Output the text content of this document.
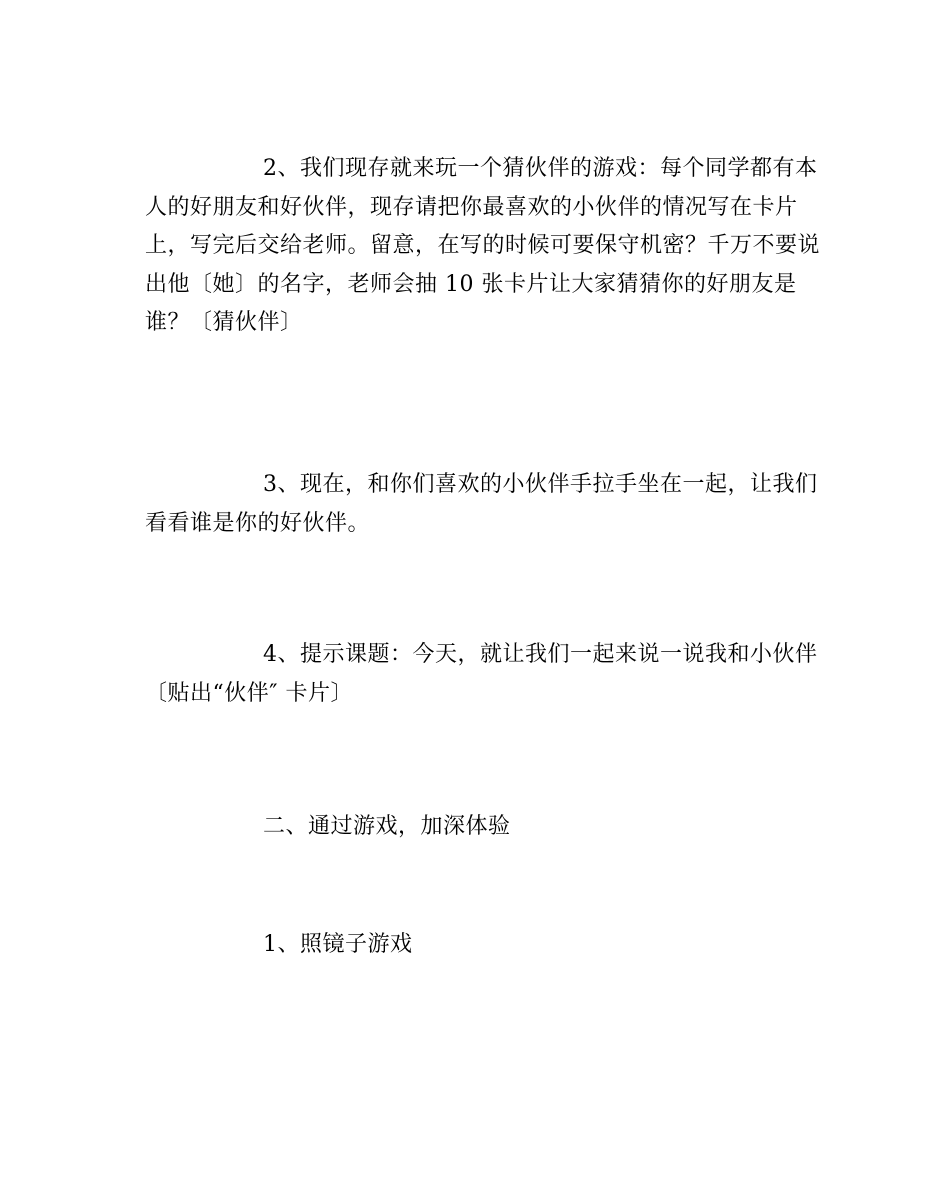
2、我们现存就来玩一个猜伙伴的游戏：每个同学都有本
人的好朋友和好伙伴，现存请把你最喜欢的小伙伴的情况写在卡片
上，写完后交给老师。留意，在写的时候可要保守机密？千万不要说
出他〔她〕的名字，老师会抽 10 张卡片让大家猜猜你的好朋友是
谁？〔猜伙伴〕
3、现在，和你们喜欢的小伙伴手拉手坐在一起，让我们
看看谁是你的好伙伴。
4、提示课题：今天，就让我们一起来说一说我和小伙伴
〔贴出“伙伴″ 卡片〕
二、通过游戏，加深体验
1、照镜子游戏
